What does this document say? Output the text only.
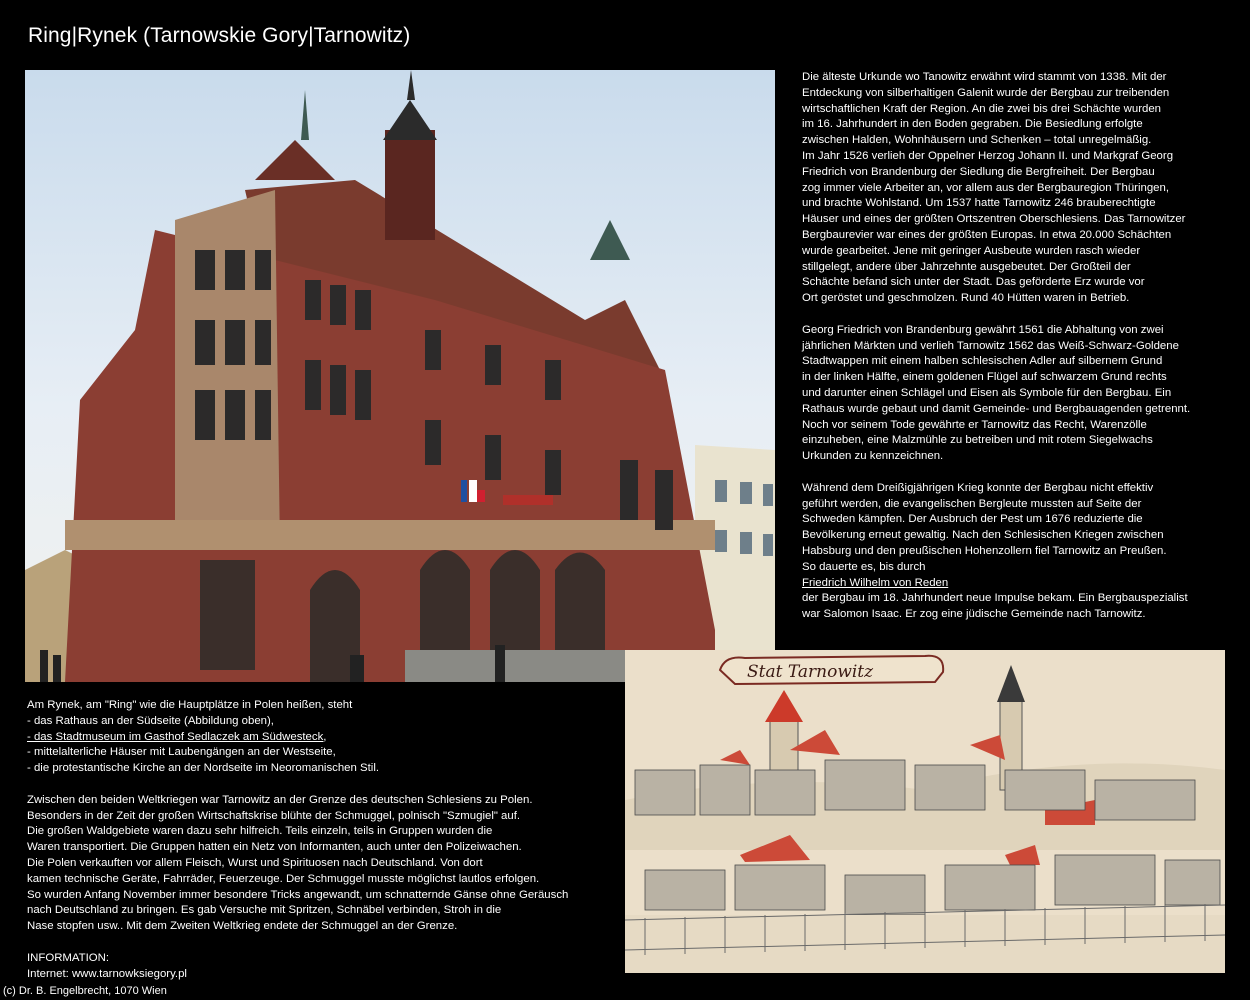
Ring|Rynek (Tarnowskie Gory|Tarnowitz)

Die älteste Urkunde wo Tanowitz erwähnt wird stammt von 1338. Mit der

Entdeckung von silberhaltigen Galenit wurde der Bergbau zur treibenden

wirtschaftlichen Kraft der Region. An die zwei bis drei Schächte wurden

im 16. Jahrhundert in den Boden gegraben. Die Besiedlung erfolgte

zwischen Halden, Wohnhäusern und Schenken – total unregelmäßig.

Im Jahr 1526 verlieh der Oppelner Herzog Johann II. und Markgraf Georg

Friedrich von Brandenburg der Siedlung die Bergfreiheit. Der Bergbau

zog immer viele Arbeiter an, vor allem aus der Bergbauregion Thüringen,

und brachte Wohlstand. Um 1537 hatte Tarnowitz 246 brauberechtigte

Häuser und eines der größten Ortszentren Oberschlesiens. Das Tarnowitzer

Bergbaurevier war eines der größten Europas. In etwa 20.000 Schächten

wurde gearbeitet. Jene mit geringer Ausbeute wurden rasch wieder

stillgelegt, andere über Jahrzehnte ausgebeutet. Der Großteil der

Schächte befand sich unter der Stadt. Das geförderte Erz wurde vor

Ort geröstet und geschmolzen. Rund 40 Hütten waren in Betrieb.

Georg Friedrich von Brandenburg gewährt 1561 die Abhaltung von zwei

jährlichen Märkten und verlieh Tarnowitz 1562 das Weiß-Schwarz-Goldene

Stadtwappen mit einem halben schlesischen Adler auf silbernem Grund

in der linken Hälfte, einem goldenen Flügel auf schwarzem Grund rechts

und darunter einen Schlägel und Eisen als Symbole für den Bergbau. Ein

Rathaus wurde gebaut und damit Gemeinde- und Bergbauagenden getrennt.

Noch vor seinem Tode gewährte er Tarnowitz das Recht, Warenzölle

einzuheben, eine Malzmühle zu betreiben und mit rotem Siegelwachs

Urkunden zu kennzeichnen.

Während dem Dreißigjährigen Krieg konnte der Bergbau nicht effektiv

geführt werden, die evangelischen Bergleute mussten auf Seite der

Schweden kämpfen. Der Ausbruch der Pest um 1676 reduzierte die

Bevölkerung erneut gewaltig. Nach den Schlesischen Kriegen zwischen

Habsburg und den preußischen Hohenzollern fiel Tarnowitz an Preußen.

So dauerte es, bis durch

Friedrich Wilhelm von Reden

der Bergbau im 18. Jahrhundert neue Impulse bekam. Ein Bergbauspezialist

war Salomon Isaac. Er zog eine jüdische Gemeinde nach Tarnowitz.

Stat Tarnowitz

Am Rynek, am "Ring" wie die Hauptplätze in Polen heißen, steht

- das Rathaus an der Südseite (Abbildung oben),

- das Stadtmuseum im Gasthof Sedlaczek am Südwesteck,

- mittelalterliche Häuser mit Laubengängen an der Westseite,

- die protestantische Kirche an der Nordseite im Neoromanischen Stil.

Zwischen den beiden Weltkriegen war Tarnowitz an der Grenze des deutschen Schlesiens zu Polen.

Besonders in der Zeit der großen Wirtschaftskrise blühte der Schmuggel, polnisch "Szmugiel" auf.

Die großen Waldgebiete waren dazu sehr hilfreich. Teils einzeln, teils in Gruppen wurden die

Waren transportiert. Die Gruppen hatten ein Netz von Informanten, auch unter den Polizeiwachen.

Die Polen verkauften vor allem Fleisch, Wurst und Spirituosen nach Deutschland. Von dort

kamen technische Geräte, Fahrräder, Feuerzeuge. Der Schmuggel musste möglichst lautlos erfolgen.

So wurden Anfang November immer besondere Tricks angewandt, um schnatternde Gänse ohne Geräusch

nach Deutschland zu bringen. Es gab Versuche mit Spritzen, Schnäbel verbinden, Stroh in die

Nase stopfen usw.. Mit dem Zweiten Weltkrieg endete der Schmuggel an der Grenze.

INFORMATION:

Internet: www.tarnowksiegory.pl

(c) Dr. B. Engelbrecht, 1070 Wien
